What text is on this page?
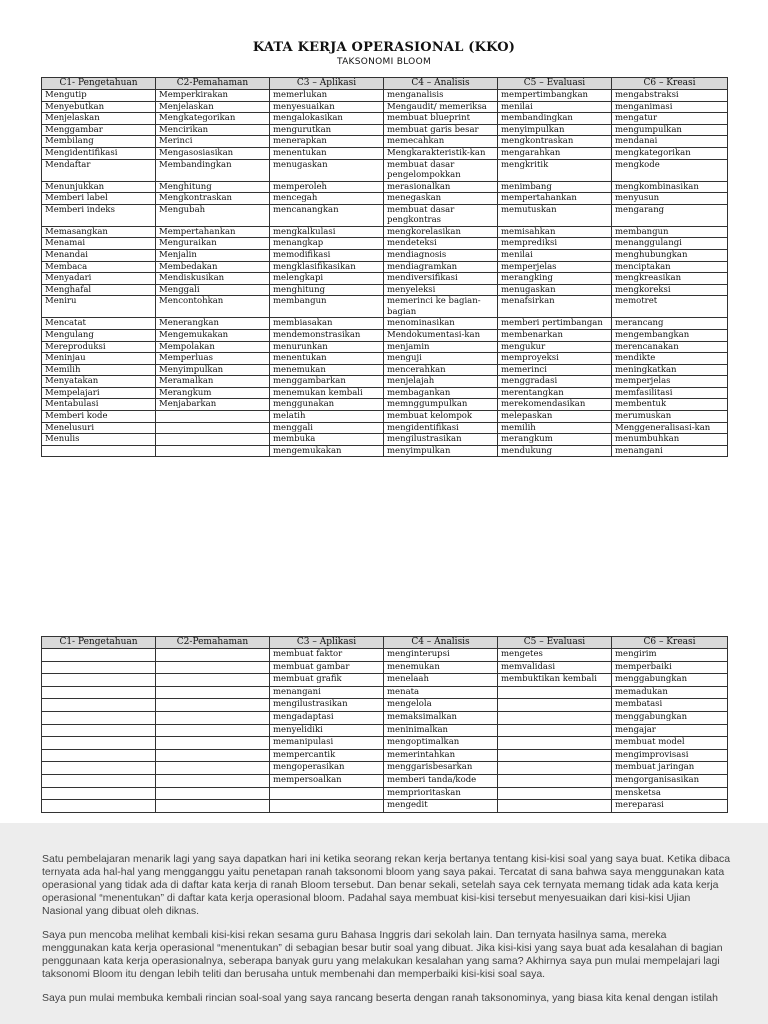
KATA KERJA OPERASIONAL (KKO)
TAKSONOMI BLOOM
C1- Pengetahuan	C2-Pemahaman	C3 – Aplikasi	C4 – Analisis	C5 – Evaluasi	C6 – Kreasi
Mengutip	Memperkirakan	memerlukan	menganalisis	mempertimbangkan	mengabstraksi
Menyebutkan	Menjelaskan	menyesuaikan	Mengaudit/ memeriksa	menilai	menganimasi
Menjelaskan	Mengkategorikan	mengalokasikan	membuat blueprint	membandingkan	mengatur
Menggambar	Mencirikan	mengurutkan	membuat garis besar	menyimpulkan	mengumpulkan
Membilang	Merinci	menerapkan	memecahkan	mengkontraskan	mendanai
Mengidentifikasi	Mengasosiasikan	menentukan	Mengkarakteristik-kan	mengarahkan	mengkategorikan
Mendaftar	Membandingkan	menugaskan	membuat dasar pengelompokkan	mengkritik	mengkode
Menunjukkan	Menghitung	memperoleh	merasionalkan	menimbang	mengkombinasikan
Memberi label	Mengkontraskan	mencegah	menegaskan	mempertahankan	menyusun
Memberi indeks	Mengubah	mencanangkan	membuat dasar pengkontras	memutuskan	mengarang
Memasangkan	Mempertahankan	mengkalkulasi	mengkorelasikan	memisahkan	membangun
Menamai	Menguraikan	menangkap	mendeteksi	memprediksi	menanggulangi
Menandai	Menjalin	memodifikasi	mendiagnosis	menilai	menghubungkan
Membaca	Membedakan	mengklasifikasikan	mendiagramkan	memperjelas	menciptakan
Menyadari	Mendiskusikan	melengkapi	mendiversifikasi	merangking	mengkreasikan
Menghafal	Menggali	menghitung	menyeleksi	menugaskan	mengkoreksi
Meniru	Mencontohkan	membangun	memerinci ke bagian-bagian	menafsirkan	memotret
Mencatat	Menerangkan	membiasakan	menominasikan	memberi pertimbangan	merancang
Mengulang	Mengemukakan	mendemonstrasikan	Mendokumentasi-kan	membenarkan	mengembangkan
Mereproduksi	Mempolakan	menurunkan	menjamin	mengukur	merencanakan
Meninjau	Memperluas	menentukan	menguji	memproyeksi	mendikte
Memilih	Menyimpulkan	menemukan	mencerahkan	memerinci	meningkatkan
Menyatakan	Meramalkan	menggambarkan	menjelajah	menggradasi	memperjelas
Mempelajari	Merangkum	menemukan kembali	membagankan	merentangkan	memfasilitasi
Mentabulasi	Menjabarkan	menggunakan	memnggumpulkan	merekomendasikan	membentuk
Memberi kode		melatih	membuat kelompok	melepaskan	merumuskan
Menelusuri		menggali	mengidentifikasi	memilih	Menggeneralisasi-kan
Menulis		membuka	mengilustrasikan	merangkum	menumbuhkan
		mengemukakan	menyimpulkan	mendukung	menangani
C1- Pengetahuan	C2-Pemahaman	C3 – Aplikasi	C4 – Analisis	C5 – Evaluasi	C6 – Kreasi
		membuat faktor	menginterupsi	mengetes	mengirim
		membuat gambar	menemukan	memvalidasi	memperbaiki
		membuat grafik	menelaah	membuktikan kembali	menggabungkan
		menangani	menata		memadukan
		mengilustrasikan	mengelola		membatasi
		mengadaptasi	memaksimalkan		menggabungkan
		menyelidiki	meninimalkan		mengajar
		memanipulasi	mengoptimalkan		membuat model
		mempercantik	memerintahkan		mengimprovisasi
		mengoperasikan	menggarisbesarkan		membuat jaringan
		mempersoalkan	memberi tanda/kode		mengorganisasikan
			memprioritaskan		mensketsa
			mengedit		mereparasi

Satu pembelajaran menarik lagi yang saya dapatkan hari ini ketika seorang rekan kerja bertanya tentang kisi-kisi soal yang saya buat. Ketika dibaca ternyata ada hal-hal yang mengganggu yaitu penetapan ranah taksonomi bloom yang saya pakai. Tercatat di sana bahwa saya menggunakan kata operasional yang tidak ada di daftar kata kerja di ranah Bloom tersebut. Dan benar sekali, setelah saya cek ternyata memang tidak ada kata kerja operasional “menentukan” di daftar kata kerja operasional bloom. Padahal saya membuat kisi-kisi tersebut menyesuaikan dari kisi-kisi Ujian Nasional yang dibuat oleh diknas.

Saya pun mencoba melihat kembali kisi-kisi rekan sesama guru Bahasa Inggris dari sekolah lain. Dan ternyata hasilnya sama, mereka menggunakan kata kerja operasional “menentukan” di sebagian besar butir soal yang dibuat. Jika kisi-kisi yang saya buat ada kesalahan di bagian penggunaan kata kerja operasionalnya, seberapa banyak guru yang melakukan kesalahan yang sama? Akhirnya saya pun mulai mempelajari lagi taksonomi Bloom itu dengan lebih teliti dan berusaha untuk membenahi dan memperbaiki kisi-kisi soal saya.

Saya pun mulai membuka kembali rincian soal-soal yang saya rancang beserta dengan ranah taksonominya, yang biasa kita kenal dengan istilah
